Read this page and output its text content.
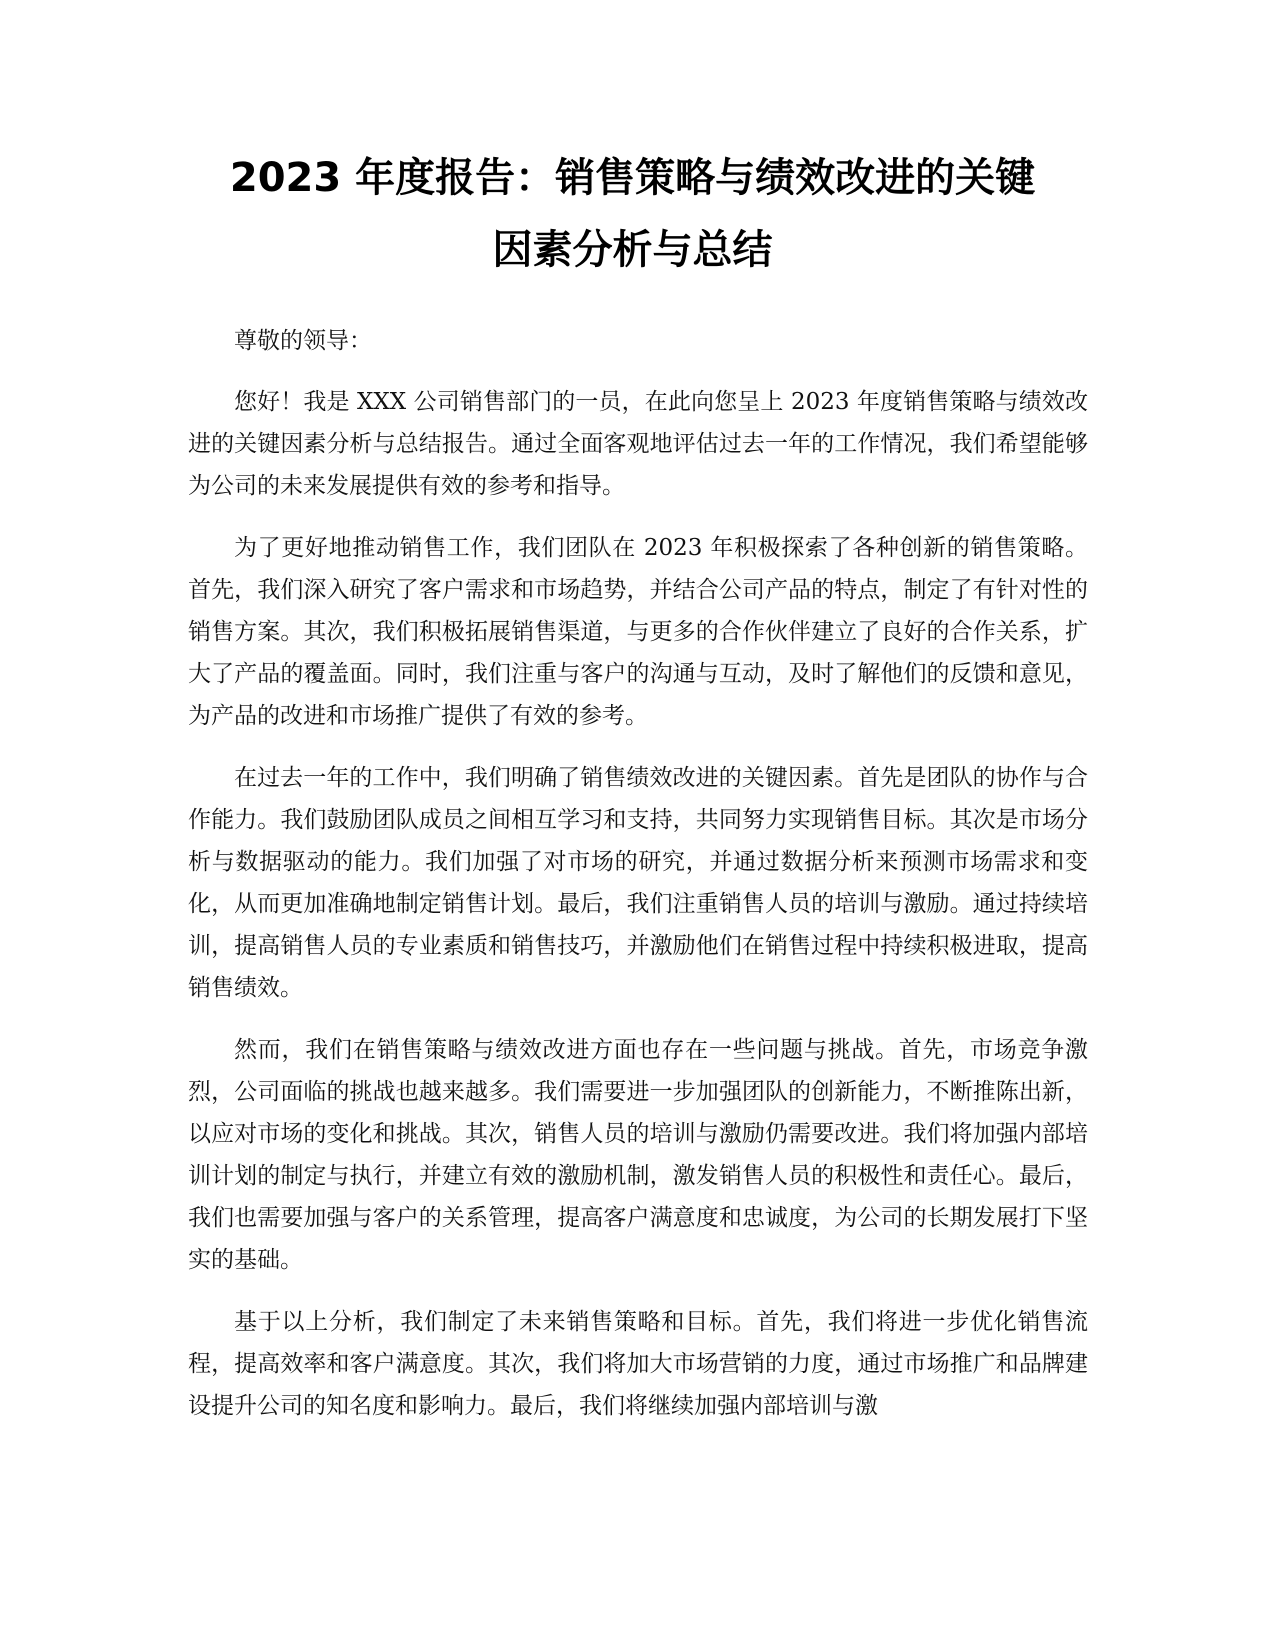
2023 年度报告：销售策略与绩效改进的关键
因素分析与总结

尊敬的领导：

您好！我是 XXX 公司销售部门的一员，在此向您呈上 2023 年度销售策略与绩效改进的关键因素分析与总结报告。通过全面客观地评估过去一年的工作情况，我们希望能够为公司的未来发展提供有效的参考和指导。

为了更好地推动销售工作，我们团队在 2023 年积极探索了各种创新的销售策略。首先，我们深入研究了客户需求和市场趋势，并结合公司产品的特点，制定了有针对性的销售方案。其次，我们积极拓展销售渠道，与更多的合作伙伴建立了良好的合作关系，扩大了产品的覆盖面。同时，我们注重与客户的沟通与互动，及时了解他们的反馈和意见，为产品的改进和市场推广提供了有效的参考。

在过去一年的工作中，我们明确了销售绩效改进的关键因素。首先是团队的协作与合作能力。我们鼓励团队成员之间相互学习和支持，共同努力实现销售目标。其次是市场分析与数据驱动的能力。我们加强了对市场的研究，并通过数据分析来预测市场需求和变化，从而更加准确地制定销售计划。最后，我们注重销售人员的培训与激励。通过持续培训，提高销售人员的专业素质和销售技巧，并激励他们在销售过程中持续积极进取，提高销售绩效。

然而，我们在销售策略与绩效改进方面也存在一些问题与挑战。首先，市场竞争激烈，公司面临的挑战也越来越多。我们需要进一步加强团队的创新能力，不断推陈出新，以应对市场的变化和挑战。其次，销售人员的培训与激励仍需要改进。我们将加强内部培训计划的制定与执行，并建立有效的激励机制，激发销售人员的积极性和责任心。最后，我们也需要加强与客户的关系管理，提高客户满意度和忠诚度，为公司的长期发展打下坚实的基础。

基于以上分析，我们制定了未来销售策略和目标。首先，我们将进一步优化销售流程，提高效率和客户满意度。其次，我们将加大市场营销的力度，通过市场推广和品牌建设提升公司的知名度和影响力。最后，我们将继续加强内部培训与激
